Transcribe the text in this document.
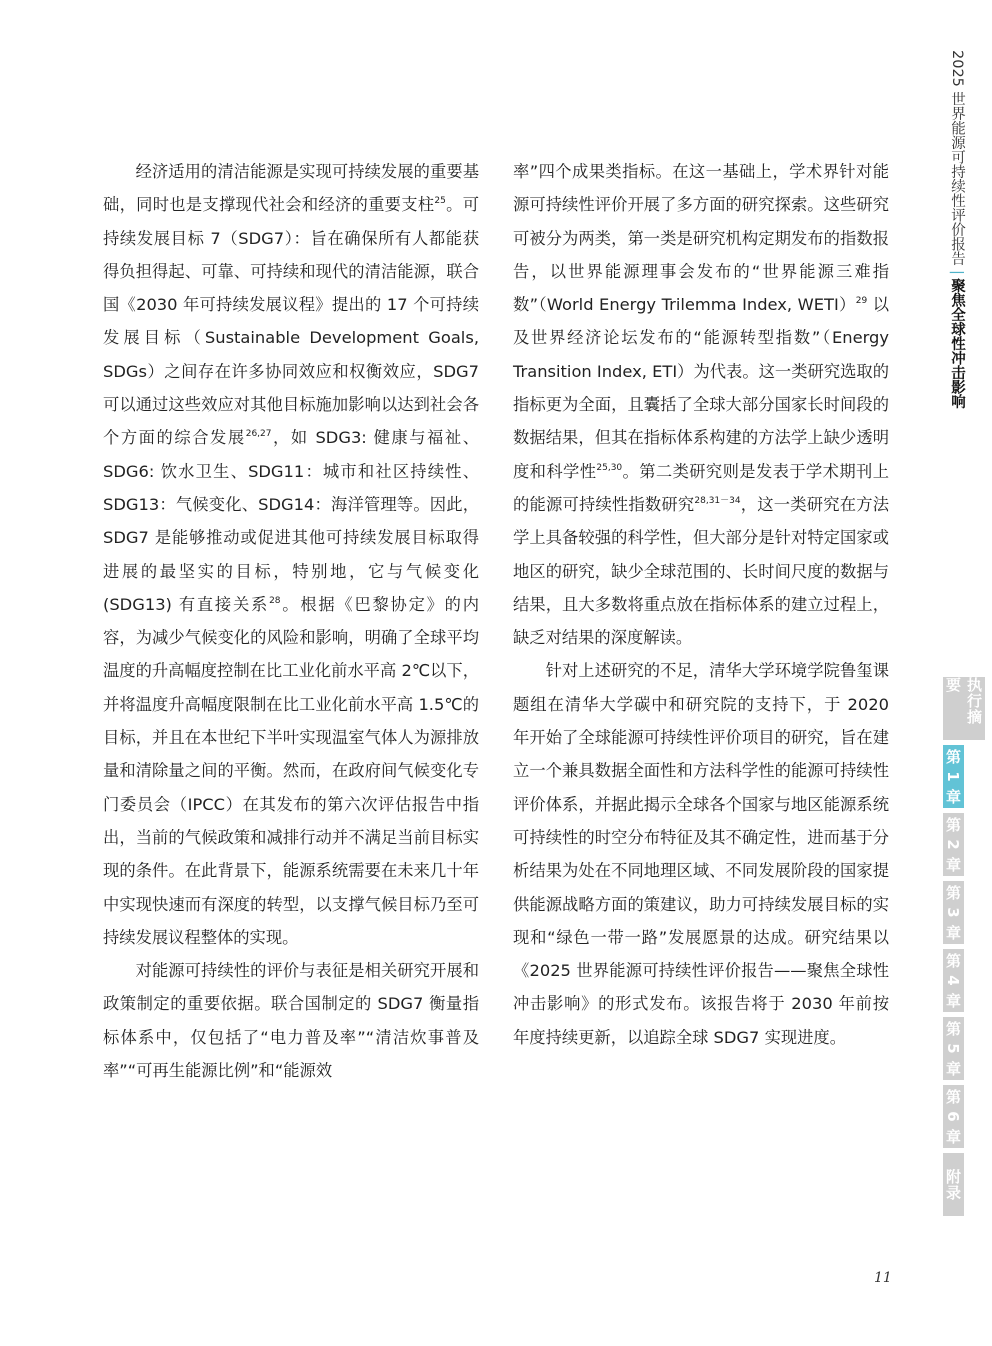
2025 世界能源可持续性评价报告|聚焦全球性冲击影响

经济适用的清洁能源是实现可持续发展的重要基础，同时也是支撑现代社会和经济的重要支柱$^{25}$。可持续发展目标 7（SDG7）：旨在确保所有人都能获得负担得起、可靠、可持续和现代的清洁能源，联合国《2030 年可持续发展议程》提出的 17 个可持续发展目标（Sustainable Development Goals, SDGs）之间存在许多协同效应和权衡效应，SDG7 可以通过这些效应对其他目标施加影响以达到社会各个方面的综合发展$^{26,27}$，如 SDG3: 健康与福祉、SDG6: 饮水卫生、SDG11：城市和社区持续性、SDG13：气候变化、SDG14：海洋管理等。因此，SDG7 是能够推动或促进其他可持续发展目标取得进展的最坚实的目标，特别地，它与气候变化 (SDG13) 有直接关系$^{28}$。根据《巴黎协定》的内容，为减少气候变化的风险和影响，明确了全球平均温度的升高幅度控制在比工业化前水平高 2℃以下，并将温度升高幅度限制在比工业化前水平高 1.5℃的目标，并且在本世纪下半叶实现温室气体人为源排放量和清除量之间的平衡。然而，在政府间气候变化专门委员会（IPCC）在其发布的第六次评估报告中指出，当前的气候政策和减排行动并不满足当前目标实现的条件。在此背景下，能源系统需要在未来几十年中实现快速而有深度的转型，以支撑气候目标乃至可持续发展议程整体的实现。

对能源可持续性的评价与表征是相关研究开展和政策制定的重要依据。联合国制定的 SDG7 衡量指标体系中，仅包括了“电力普及率”“清洁炊事普及率”“可再生能源比例”和“能源效

率”四个成果类指标。在这一基础上，学术界针对能源可持续性评价开展了多方面的研究探索。这些研究可被分为两类，第一类是研究机构定期发布的指数报告，以世界能源理事会发布的“世界能源三难指数”（World Energy Trilemma Index, WETI）$^{29}$ 以及世界经济论坛发布的“能源转型指数”（Energy Transition Index, ETI）为代表。这一类研究选取的指标更为全面，且囊括了全球大部分国家长时间段的数据结果，但其在指标体系构建的方法学上缺少透明度和科学性$^{25,30}$。第二类研究则是发表于学术期刊上的能源可持续性指数研究$^{28,31-34}$，这一类研究在方法学上具备较强的科学性，但大部分是针对特定国家或地区的研究，缺少全球范围的、长时间尺度的数据与结果，且大多数将重点放在指标体系的建立过程上，缺乏对结果的深度解读。

针对上述研究的不足，清华大学环境学院鲁玺课题组在清华大学碳中和研究院的支持下，于 2020 年开始了全球能源可持续性评价项目的研究，旨在建立一个兼具数据全面性和方法科学性的能源可持续性评价体系，并据此揭示全球各个国家与地区能源系统可持续性的时空分布特征及其不确定性，进而基于分析结果为处在不同地理区域、不同发展阶段的国家提供能源战略方面的策建议，助力可持续发展目标的实现和“绿色一带一路”发展愿景的达成。研究结果以《2025 世界能源可持续性评价报告——聚焦全球性冲击影响》的形式发布。该报告将于 2030 年前按年度持续更新，以追踪全球 SDG7 实现进度。

执行摘要
第 1 章
第 2 章
第 3 章
第 4 章
第 5 章
第 6 章
附录
11
